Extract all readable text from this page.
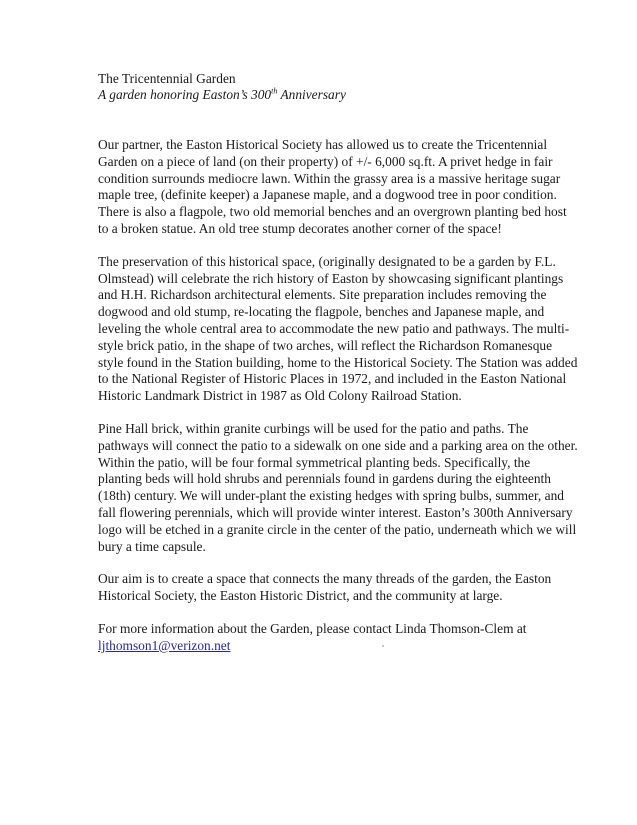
The Tricentennial Garden

A garden honoring Easton’s 300th Anniversary

Our partner, the Easton Historical Society has allowed us to create the Tricentennial
Garden on a piece of land (on their property) of +/- 6,000 sq.ft. A privet hedge in fair
condition surrounds mediocre lawn. Within the grassy area is a massive heritage sugar
maple tree, (definite keeper) a Japanese maple, and a dogwood tree in poor condition.
There is also a flagpole, two old memorial benches and an overgrown planting bed host
to a broken statue. An old tree stump decorates another corner of the space!

The preservation of this historical space, (originally designated to be a garden by F.L.
Olmstead) will celebrate the rich history of Easton by showcasing significant plantings
and H.H. Richardson architectural elements. Site preparation includes removing the
dogwood and old stump, re-locating the flagpole, benches and Japanese maple, and
leveling the whole central area to accommodate the new patio and pathways. The multi-
style brick patio, in the shape of two arches, will reflect the Richardson Romanesque
style found in the Station building, home to the Historical Society. The Station was added
to the National Register of Historic Places in 1972, and included in the Easton National
Historic Landmark District in 1987 as Old Colony Railroad Station.

Pine Hall brick, within granite curbings will be used for the patio and paths. The
pathways will connect the patio to a sidewalk on one side and a parking area on the other.
Within the patio, will be four formal symmetrical planting beds. Specifically, the
planting beds will hold shrubs and perennials found in gardens during the eighteenth
(18th) century. We will under-plant the existing hedges with spring bulbs, summer, and
fall flowering perennials, which will provide winter interest. Easton’s 300th Anniversary
logo will be etched in a granite circle in the center of the patio, underneath which we will
bury a time capsule.

Our aim is to create a space that connects the many threads of the garden, the Easton
Historical Society, the Easton Historic District, and the community at large.

For more information about the Garden, please contact Linda Thomson-Clem at
ljthomson1@verizon.net
